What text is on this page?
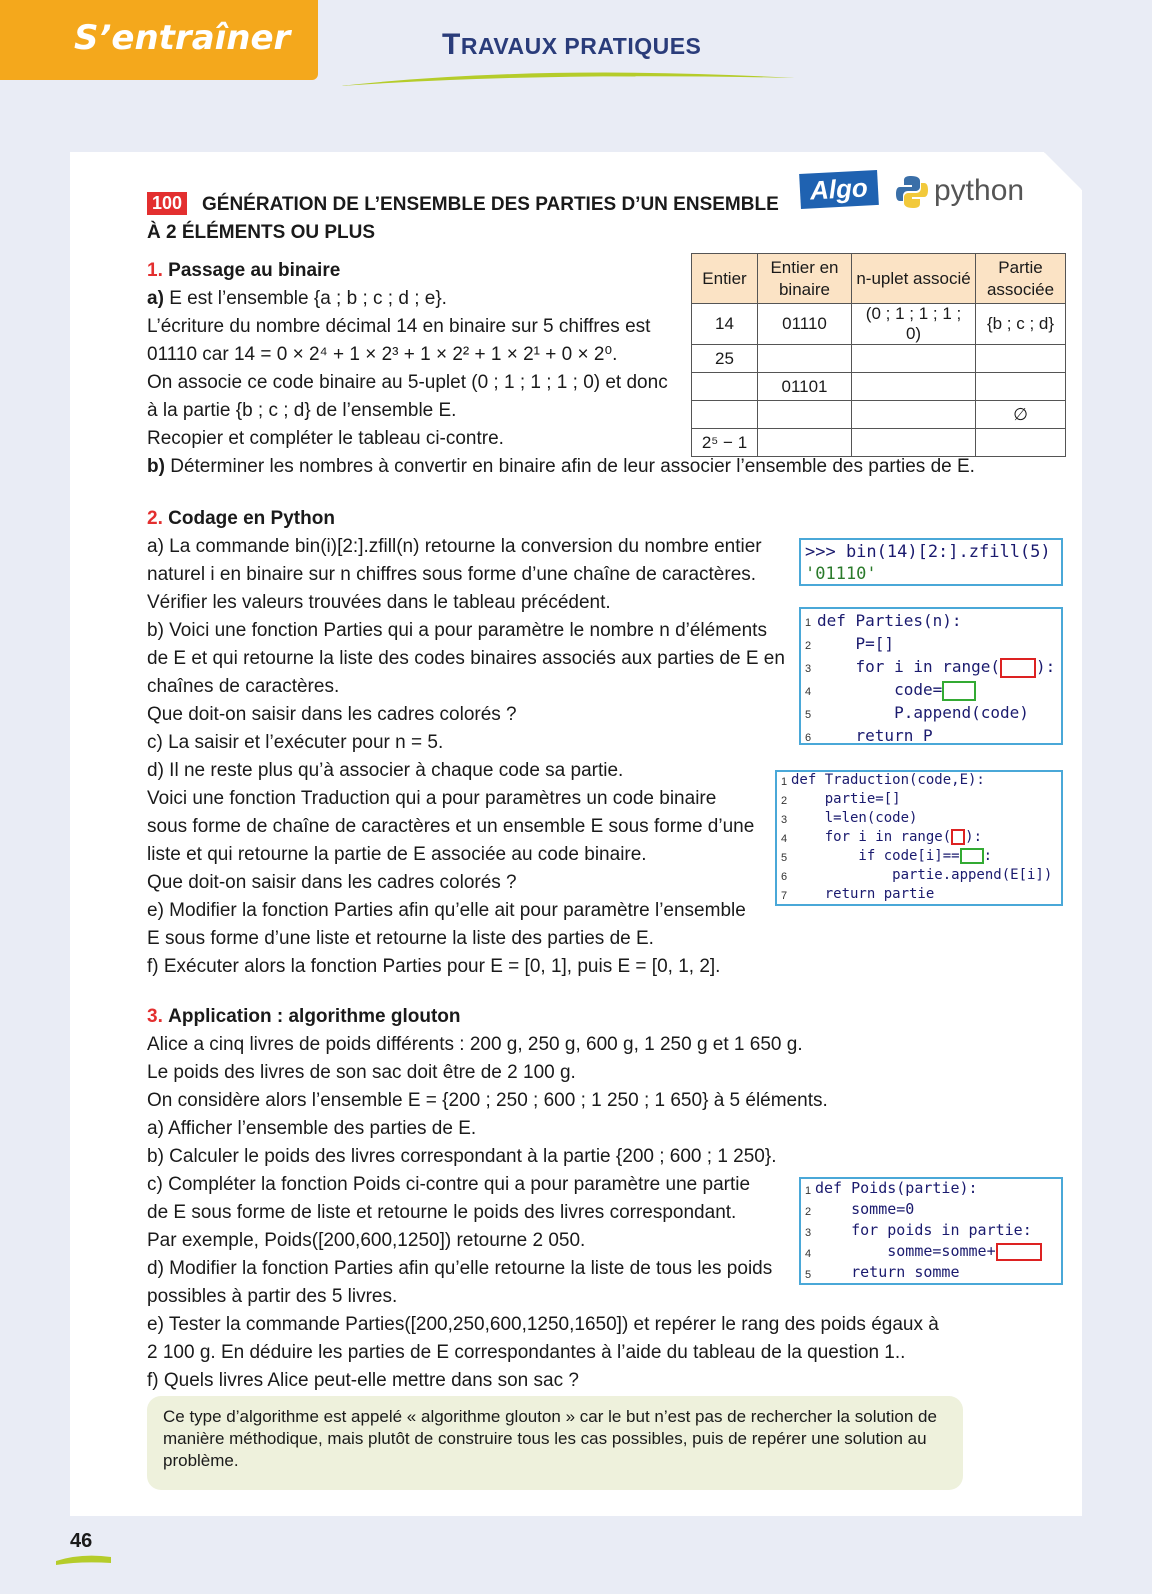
S’entraîner	TRAVAUX PRATIQUES
100 GÉNÉRATION DE L’ENSEMBLE DES PARTIES D’UN ENSEMBLE
À 2 ÉLÉMENTS OU PLUS
Algo	python
1. Passage au binaire
a) E est l’ensemble {a ; b ; c ; d ; e}.
L’écriture du nombre décimal 14 en binaire sur 5 chiffres est
01110 car 14 = 0 × 2⁴ + 1 × 2³ + 1 × 2² + 1 × 2¹ + 0 × 2⁰.
On associe ce code binaire au 5-uplet (0 ; 1 ; 1 ; 1 ; 0) et donc
à la partie {b ; c ; d} de l’ensemble E.
Recopier et compléter le tableau ci-contre.
b) Déterminer les nombres à convertir en binaire afin de leur associer l’ensemble des parties de E.
Entier	Entier en binaire	n-uplet associé	Partie associée
14	01110	(0 ; 1 ; 1 ; 1 ; 0)	{b ; c ; d}
25			
	01101		
			∅
2⁵ − 1			
2. Codage en Python
a) La commande bin(i)[2:].zfill(n) retourne la conversion du nombre entier
naturel i en binaire sur n chiffres sous forme d’une chaîne de caractères.
Vérifier les valeurs trouvées dans le tableau précédent.
b) Voici une fonction Parties qui a pour paramètre le nombre n d’éléments
de E et qui retourne la liste des codes binaires associés aux parties de E en
chaînes de caractères.
Que doit-on saisir dans les cadres colorés ?
c) La saisir et l’exécuter pour n = 5.
d) Il ne reste plus qu’à associer à chaque code sa partie.
Voici une fonction Traduction qui a pour paramètres un code binaire
sous forme de chaîne de caractères et un ensemble E sous forme d’une
liste et qui retourne la partie de E associée au code binaire.
Que doit-on saisir dans les cadres colorés ?
e) Modifier la fonction Parties afin qu’elle ait pour paramètre l’ensemble
E sous forme d’une liste et retourne la liste des parties de E.
f) Exécuter alors la fonction Parties pour E = [0, 1], puis E = [0, 1, 2].
>>> bin(14)[2:].zfill(5)
'01110'
1 def Parties(n):
2 P=[]
3 for i in range( ):
4 code=
5 P.append(code)
6 return P
1 def Traduction(code,E):
2 partie=[]
3 l=len(code)
4 for i in range( ):
5 if code[i]== :
6 partie.append(E[i])
7 return partie
3. Application : algorithme glouton
Alice a cinq livres de poids différents : 200 g, 250 g, 600 g, 1 250 g et 1 650 g.
Le poids des livres de son sac doit être de 2 100 g.
On considère alors l’ensemble E = {200 ; 250 ; 600 ; 1 250 ; 1 650} à 5 éléments.
a) Afficher l’ensemble des parties de E.
b) Calculer le poids des livres correspondant à la partie {200 ; 600 ; 1 250}.
c) Compléter la fonction Poids ci-contre qui a pour paramètre une partie
de E sous forme de liste et retourne le poids des livres correspondant.
Par exemple, Poids([200,600,1250]) retourne 2 050.
d) Modifier la fonction Parties afin qu’elle retourne la liste de tous les poids
possibles à partir des 5 livres.
e) Tester la commande Parties([200,250,600,1250,1650]) et repérer le rang des poids égaux à
2 100 g. En déduire les parties de E correspondantes à l’aide du tableau de la question 1..
f) Quels livres Alice peut-elle mettre dans son sac ?
1 def Poids(partie):
2 somme=0
3 for poids in partie:
4 somme=somme+
5 return somme
Ce type d’algorithme est appelé « algorithme glouton » car le but n’est pas de rechercher la solution de manière méthodique, mais plutôt de construire tous les cas possibles, puis de repérer une solution au problème.
46
